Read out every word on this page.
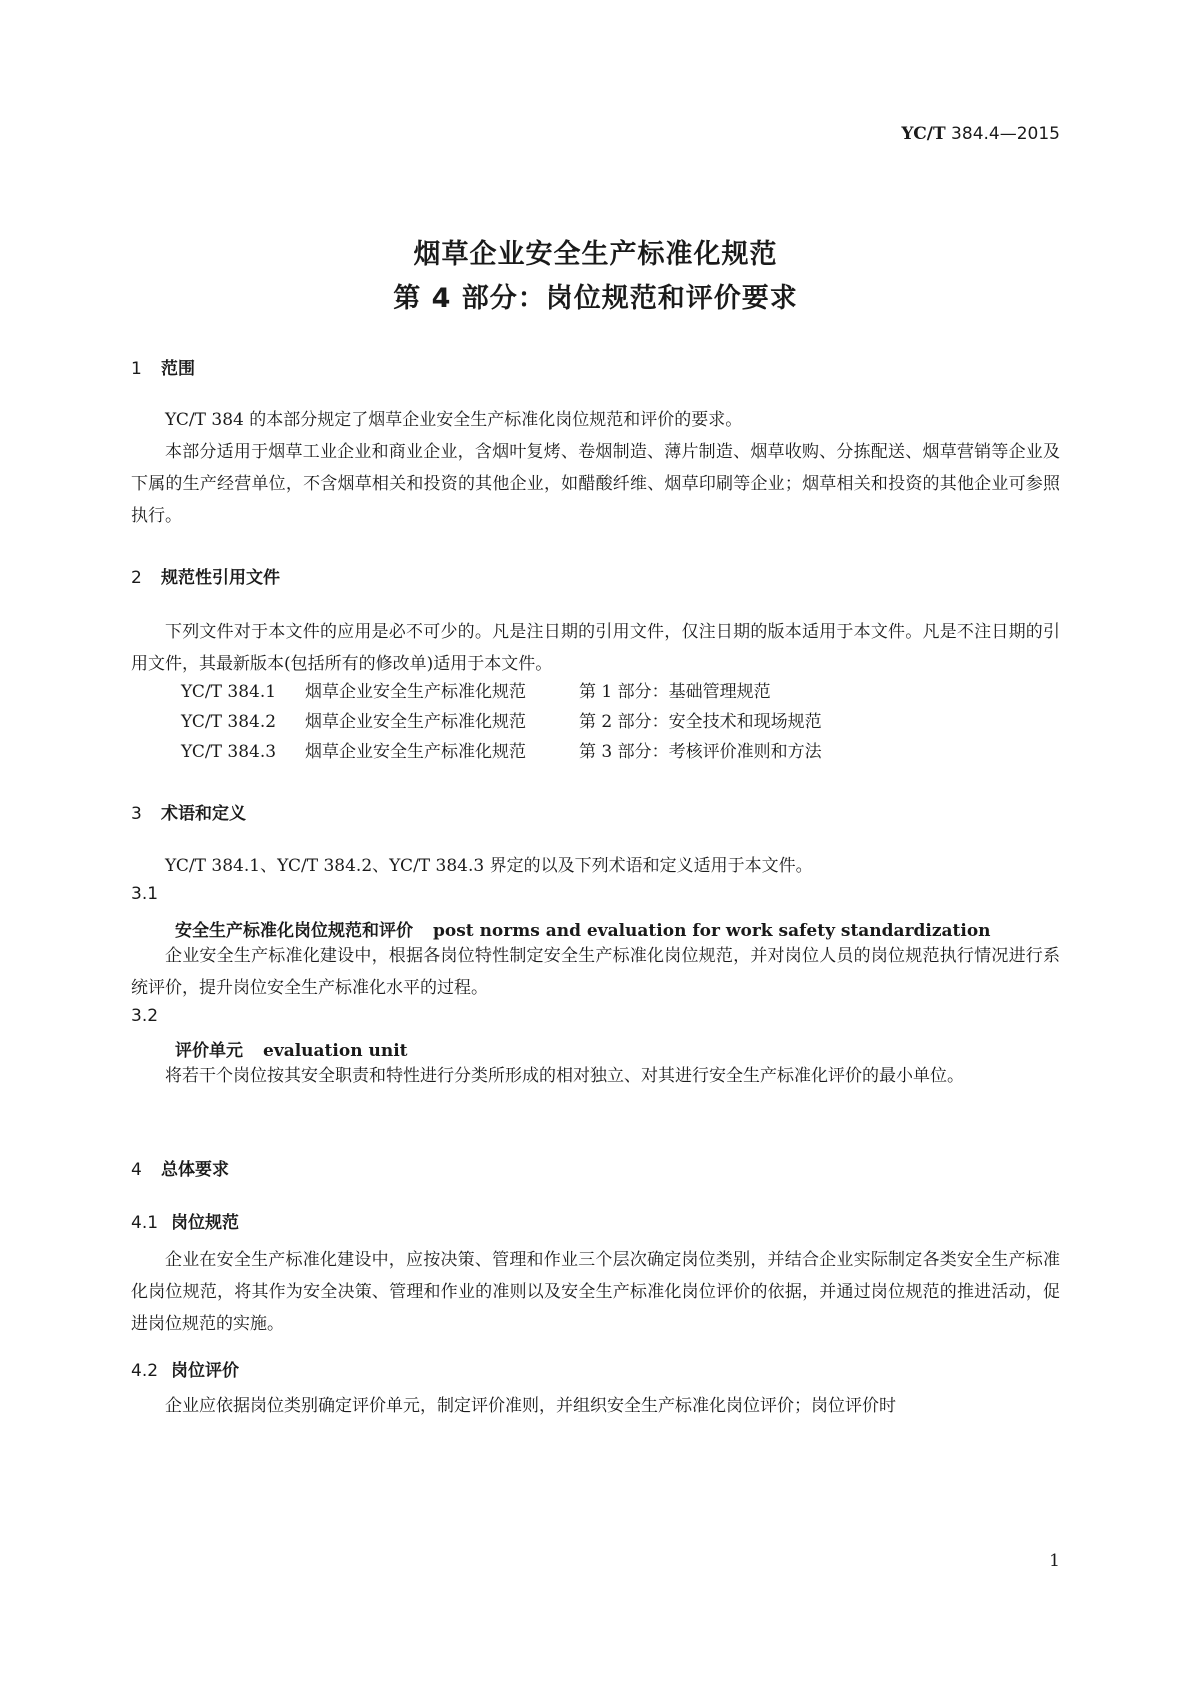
YC/T 384.4—2015
烟草企业安全生产标准化规范
第 4 部分：岗位规范和评价要求
1 范围

YC/T 384 的本部分规定了烟草企业安全生产标准化岗位规范和评价的要求。

本部分适用于烟草工业企业和商业企业，含烟叶复烤、卷烟制造、薄片制造、烟草收购、分拣配送、烟草营销等企业及下属的生产经营单位，不含烟草相关和投资的其他企业，如醋酸纤维、烟草印刷等企业；烟草相关和投资的其他企业可参照执行。

2 规范性引用文件

下列文件对于本文件的应用是必不可少的。凡是注日期的引用文件，仅注日期的版本适用于本文件。凡是不注日期的引用文件，其最新版本(包括所有的修改单)适用于本文件。

YC/T 384.1 烟草企业安全生产标准化规范	第 1 部分：基础管理规范
YC/T 384.2 烟草企业安全生产标准化规范	第 2 部分：安全技术和现场规范
YC/T 384.3 烟草企业安全生产标准化规范	第 3 部分：考核评价准则和方法
3 术语和定义

YC/T 384.1、YC/T 384.2、YC/T 384.3 界定的以及下列术语和定义适用于本文件。

3.1
安全生产标准化岗位规范和评价 post norms and evaluation for work safety standardization

企业安全生产标准化建设中，根据各岗位特性制定安全生产标准化岗位规范，并对岗位人员的岗位规范执行情况进行系统评价，提升岗位安全生产标准化水平的过程。

3.2
评价单元 evaluation unit

将若干个岗位按其安全职责和特性进行分类所形成的相对独立、对其进行安全生产标准化评价的最小单位。

4 总体要求
4.1 岗位规范

企业在安全生产标准化建设中，应按决策、管理和作业三个层次确定岗位类别，并结合企业实际制定各类安全生产标准化岗位规范，将其作为安全决策、管理和作业的准则以及安全生产标准化岗位评价的依据，并通过岗位规范的推进活动，促进岗位规范的实施。

4.2 岗位评价

企业应依据岗位类别确定评价单元，制定评价准则，并组织安全生产标准化岗位评价；岗位评价时

1
